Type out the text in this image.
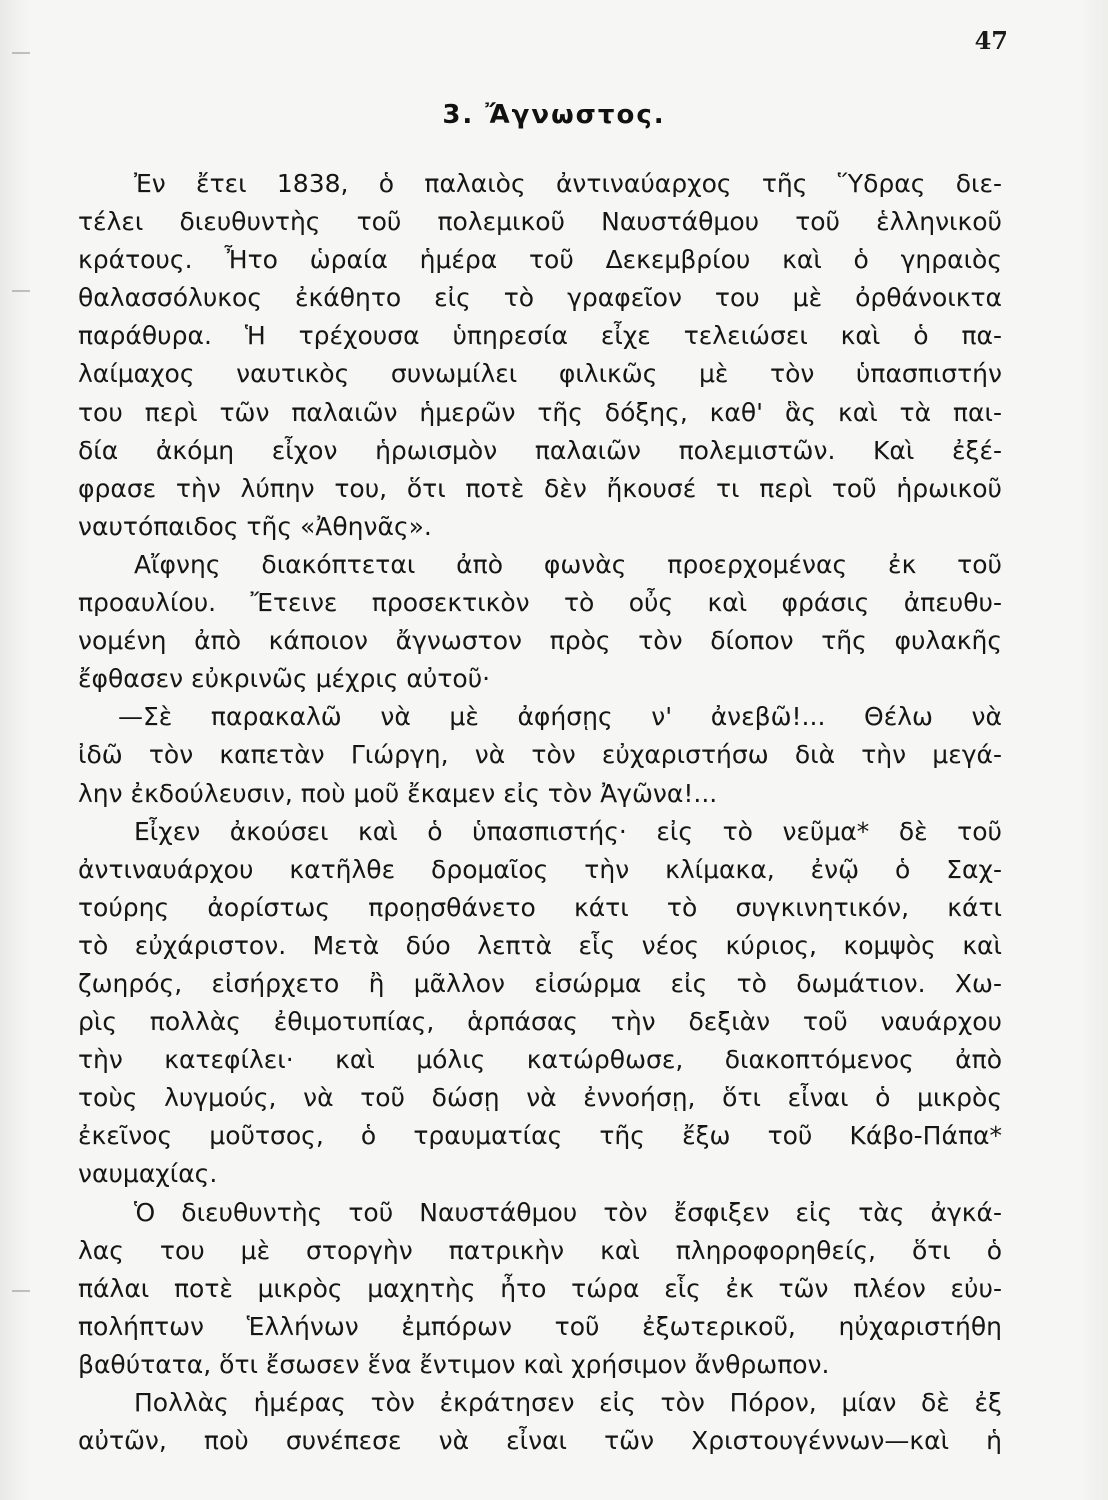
47
3. Ἄγνωστος.
Ἐν ἔτει 1838, ὁ παλαιὸς ἀντιναύαρχος τῆς Ὕδρας διε-
τέλει διευθυντὴς τοῦ πολεμικοῦ Ναυστάθμου τοῦ ἑλληνικοῦ
κράτους. Ἦτο ὡραία ἡμέρα τοῦ Δεκεμβρίου καὶ ὁ γηραιὸς
θαλασσόλυκος ἐκάθητο εἰς τὸ γραφεῖον του μὲ ὀρθάνοικτα
παράθυρα. Ἡ τρέχουσα ὑπηρεσία εἶχε τελειώσει καὶ ὁ πα-
λαίμαχος ναυτικὸς συνωμίλει φιλικῶς μὲ τὸν ὑπασπιστήν
του περὶ τῶν παλαιῶν ἡμερῶν τῆς δόξης, καθ' ἃς καὶ τὰ παι-
δία ἀκόμη εἶχον ἡρωισμὸν παλαιῶν πολεμιστῶν. Καὶ ἐξέ-
φρασε τὴν λύπην του, ὅτι ποτὲ δὲν ἤκουσέ τι περὶ τοῦ ἡρωικοῦ
ναυτόπαιδος τῆς «Ἀθηνᾶς».
Αἴφνης διακόπτεται ἀπὸ φωνὰς προερχομένας ἐκ τοῦ
προαυλίου. Ἔτεινε προσεκτικὸν τὸ οὖς καὶ φράσις ἀπευθυ-
νομένη ἀπὸ κάποιον ἄγνωστον πρὸς τὸν δίοπον τῆς φυλακῆς
ἔφθασεν εὐκρινῶς μέχρις αὐτοῦ·
—Σὲ παρακαλῶ νὰ μὲ ἀφήσῃς ν' ἀνεβῶ!... Θέλω νὰ
ἰδῶ τὸν καπετὰν Γιώργη, νὰ τὸν εὐχαριστήσω διὰ τὴν μεγά-
λην ἐκδούλευσιν, ποὺ μοῦ ἔκαμεν εἰς τὸν Ἀγῶνα!...
Εἶχεν ἀκούσει καὶ ὁ ὑπασπιστής· εἰς τὸ νεῦμα* δὲ τοῦ
ἀντιναυάρχου κατῆλθε δρομαῖος τὴν κλίμακα, ἐνῷ ὁ Σαχ-
τούρης ἀορίστως προῃσθάνετο κάτι τὸ συγκινητικόν, κάτι
τὸ εὐχάριστον. Μετὰ δύο λεπτὰ εἷς νέος κύριος, κομψὸς καὶ
ζωηρός, εἰσήρχετο ἢ μᾶλλον εἰσώρμα εἰς τὸ δωμάτιον. Χω-
ρὶς πολλὰς ἐθιμοτυπίας, ἁρπάσας τὴν δεξιὰν τοῦ ναυάρχου
τὴν κατεφίλει· καὶ μόλις κατώρθωσε, διακοπτόμενος ἀπὸ
τοὺς λυγμούς, νὰ τοῦ δώσῃ νὰ ἐννοήσῃ, ὅτι εἶναι ὁ μικρὸς
ἐκεῖνος μοῦτσος, ὁ τραυματίας τῆς ἔξω τοῦ Κάβο-Πάπα*
ναυμαχίας.
Ὁ διευθυντὴς τοῦ Ναυστάθμου τὸν ἔσφιξεν εἰς τὰς ἀγκά-
λας του μὲ στοργὴν πατρικὴν καὶ πληροφορηθείς, ὅτι ὁ
πάλαι ποτὲ μικρὸς μαχητὴς ἦτο τώρα εἷς ἐκ τῶν πλέον εὐυ-
πολήπτων Ἑλλήνων ἐμπόρων τοῦ ἐξωτερικοῦ, ηὐχαριστήθη
βαθύτατα, ὅτι ἔσωσεν ἕνα ἔντιμον καὶ χρήσιμον ἄνθρωπον.
Πολλὰς ἡμέρας τὸν ἐκράτησεν εἰς τὸν Πόρον, μίαν δὲ ἐξ
αὐτῶν, ποὺ συνέπεσε νὰ εἶναι τῶν Χριστουγέννων—καὶ ἡ
